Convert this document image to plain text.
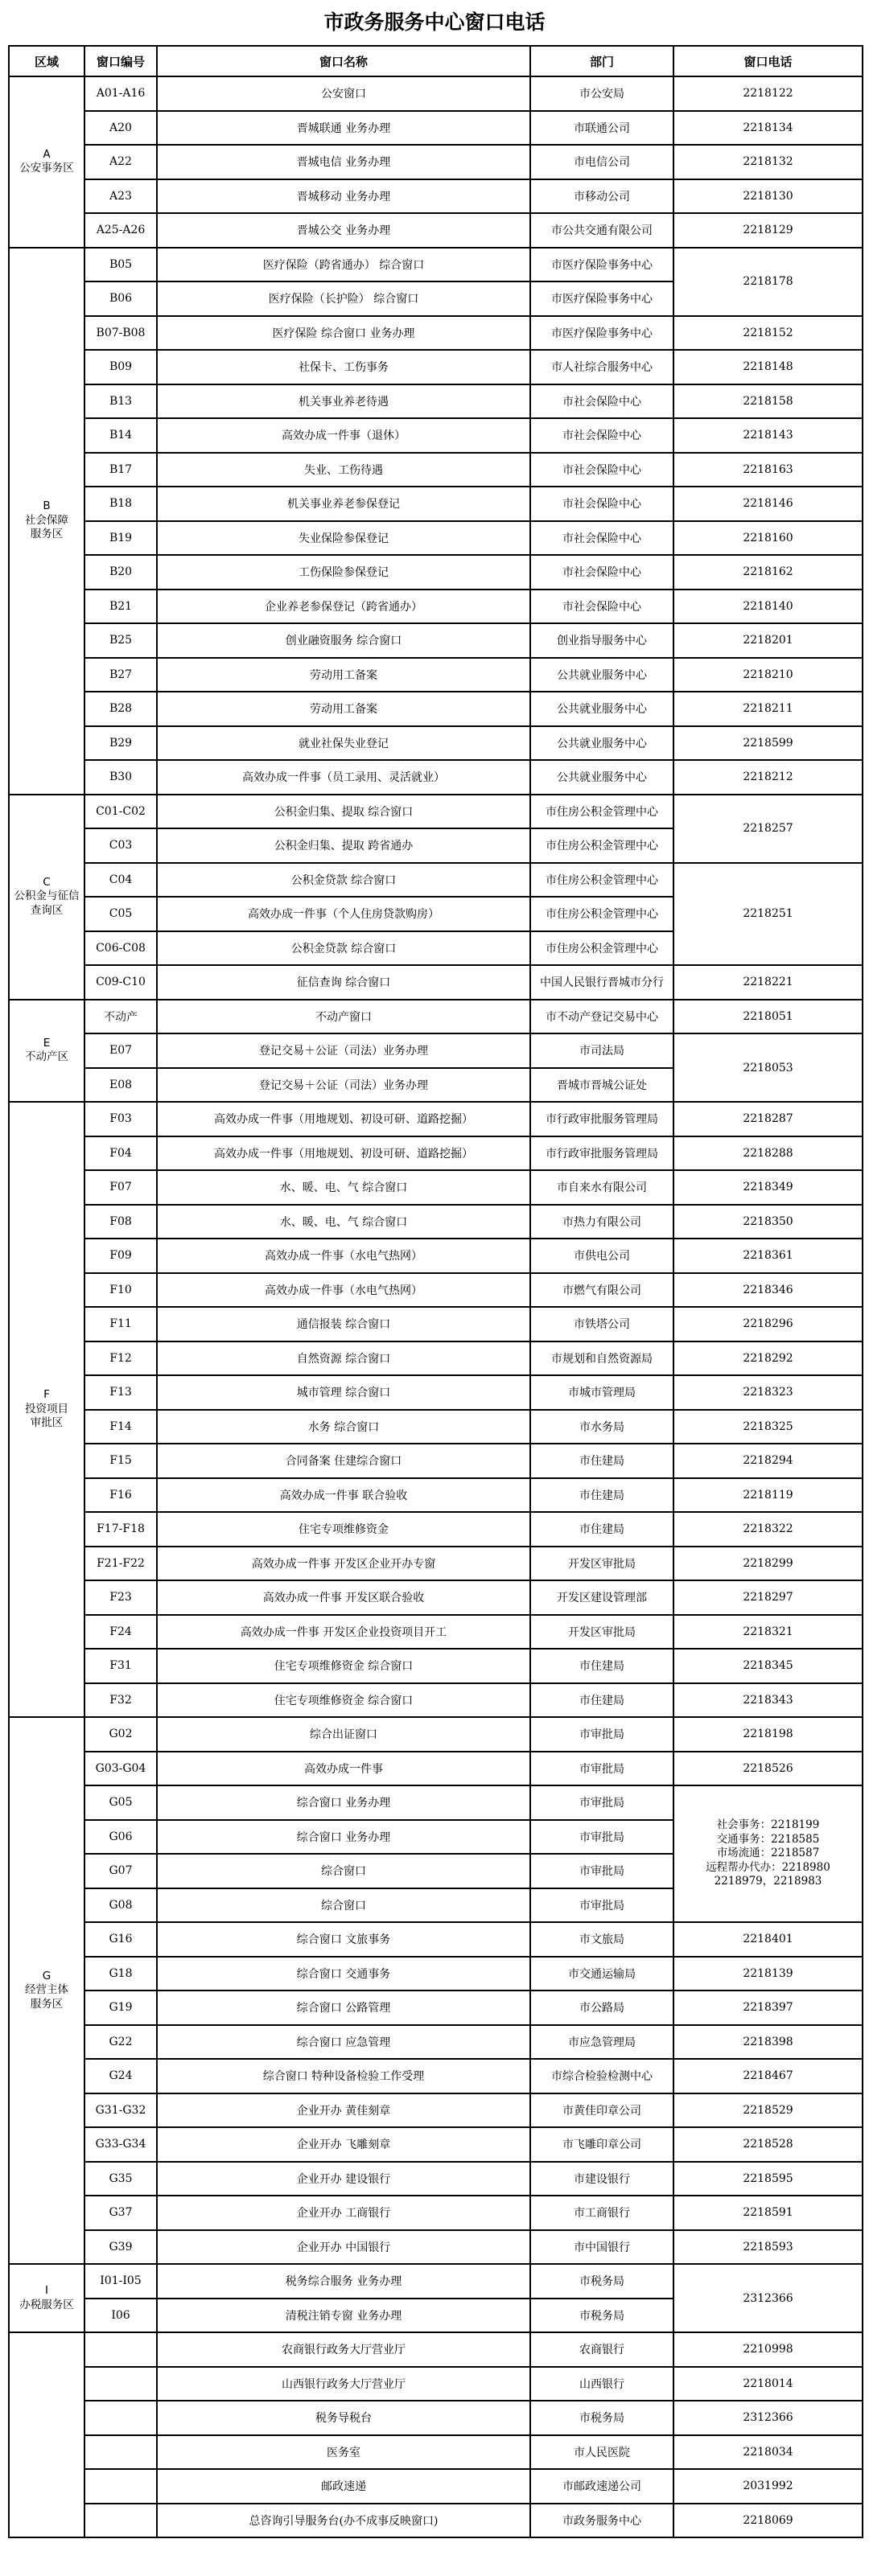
市政务服务中心窗口电话
区域	窗口编号	窗口名称	部门	窗口电话
A
公安事务区	A01-A16	公安窗口	市公安局	2218122
	A20	晋城联通 业务办理	市联通公司	2218134
	A22	晋城电信 业务办理	市电信公司	2218132
	A23	晋城移动 业务办理	市移动公司	2218130
	A25-A26	晋城公交 业务办理	市公共交通有限公司	2218129
B
社会保障
服务区	B05	医疗保险（跨省通办） 综合窗口	市医疗保险事务中心	2218178
	B06	医疗保险（长护险） 综合窗口	市医疗保险事务中心	
	B07-B08	医疗保险 综合窗口 业务办理	市医疗保险事务中心	2218152
	B09	社保卡、工伤事务	市人社综合服务中心	2218148
	B13	机关事业养老待遇	市社会保险中心	2218158
	B14	高效办成一件事（退休）	市社会保险中心	2218143
	B17	失业、工伤待遇	市社会保险中心	2218163
	B18	机关事业养老参保登记	市社会保险中心	2218146
	B19	失业保险参保登记	市社会保险中心	2218160
	B20	工伤保险参保登记	市社会保险中心	2218162
	B21	企业养老参保登记（跨省通办）	市社会保险中心	2218140
	B25	创业融资服务 综合窗口	创业指导服务中心	2218201
	B27	劳动用工备案	公共就业服务中心	2218210
	B28	劳动用工备案	公共就业服务中心	2218211
	B29	就业社保失业登记	公共就业服务中心	2218599
	B30	高效办成一件事（员工录用、灵活就业）	公共就业服务中心	2218212
C
公积金与征信
查询区	C01-C02	公积金归集、提取 综合窗口	市住房公积金管理中心	2218257
	C03	公积金归集、提取 跨省通办	市住房公积金管理中心	
	C04	公积金贷款 综合窗口	市住房公积金管理中心	2218251
	C05	高效办成一件事（个人住房贷款购房）	市住房公积金管理中心	
	C06-C08	公积金贷款 综合窗口	市住房公积金管理中心	
	C09-C10	征信查询 综合窗口	中国人民银行晋城市分行	2218221
E
不动产区	不动产	不动产窗口	市不动产登记交易中心	2218051
	E07	登记交易＋公证（司法）业务办理	市司法局	2218053
	E08	登记交易＋公证（司法）业务办理	晋城市晋城公证处	
F
投资项目
审批区	F03	高效办成一件事（用地规划、初设可研、道路挖掘）	市行政审批服务管理局	2218287
	F04	高效办成一件事（用地规划、初设可研、道路挖掘）	市行政审批服务管理局	2218288
	F07	水、暖、电、气 综合窗口	市自来水有限公司	2218349
	F08	水、暖、电、气 综合窗口	市热力有限公司	2218350
	F09	高效办成一件事（水电气热网）	市供电公司	2218361
	F10	高效办成一件事（水电气热网）	市燃气有限公司	2218346
	F11	通信报装 综合窗口	市铁塔公司	2218296
	F12	自然资源 综合窗口	市规划和自然资源局	2218292
	F13	城市管理 综合窗口	市城市管理局	2218323
	F14	水务 综合窗口	市水务局	2218325
	F15	合同备案 住建综合窗口	市住建局	2218294
	F16	高效办成一件事 联合验收	市住建局	2218119
	F17-F18	住宅专项维修资金	市住建局	2218322
	F21-F22	高效办成一件事 开发区企业开办专窗	开发区审批局	2218299
	F23	高效办成一件事 开发区联合验收	开发区建设管理部	2218297
	F24	高效办成一件事 开发区企业投资项目开工	开发区审批局	2218321
	F31	住宅专项维修资金 综合窗口	市住建局	2218345
	F32	住宅专项维修资金 综合窗口	市住建局	2218343
G
经营主体
服务区	G02	综合出证窗口	市审批局	2218198
	G03-G04	高效办成一件事	市审批局	2218526
	G05	综合窗口 业务办理	市审批局	社会事务：2218199
交通事务：2218585
市场流通：2218587
远程帮办代办：2218980
2218979，2218983
	G06	综合窗口 业务办理	市审批局	
	G07	综合窗口	市审批局	
	G08	综合窗口	市审批局	
	G16	综合窗口 文旅事务	市文旅局	2218401
	G18	综合窗口 交通事务	市交通运输局	2218139
	G19	综合窗口 公路管理	市公路局	2218397
	G22	综合窗口 应急管理	市应急管理局	2218398
	G24	综合窗口 特种设备检验工作受理	市综合检验检测中心	2218467
	G31-G32	企业开办 黄佳刻章	市黄佳印章公司	2218529
	G33-G34	企业开办 飞雕刻章	市飞雕印章公司	2218528
	G35	企业开办 建设银行	市建设银行	2218595
	G37	企业开办 工商银行	市工商银行	2218591
	G39	企业开办 中国银行	市中国银行	2218593
I
办税服务区	I01-I05	税务综合服务 业务办理	市税务局	2312366
	I06	清税注销专窗 业务办理	市税务局	
		农商银行政务大厅营业厅	农商银行	2210998
		山西银行政务大厅营业厅	山西银行	2218014
		税务导税台	市税务局	2312366
		医务室	市人民医院	2218034
		邮政速递	市邮政速递公司	2031992
		总咨询引导服务台(办不成事反映窗口)	市政务服务中心	2218069
